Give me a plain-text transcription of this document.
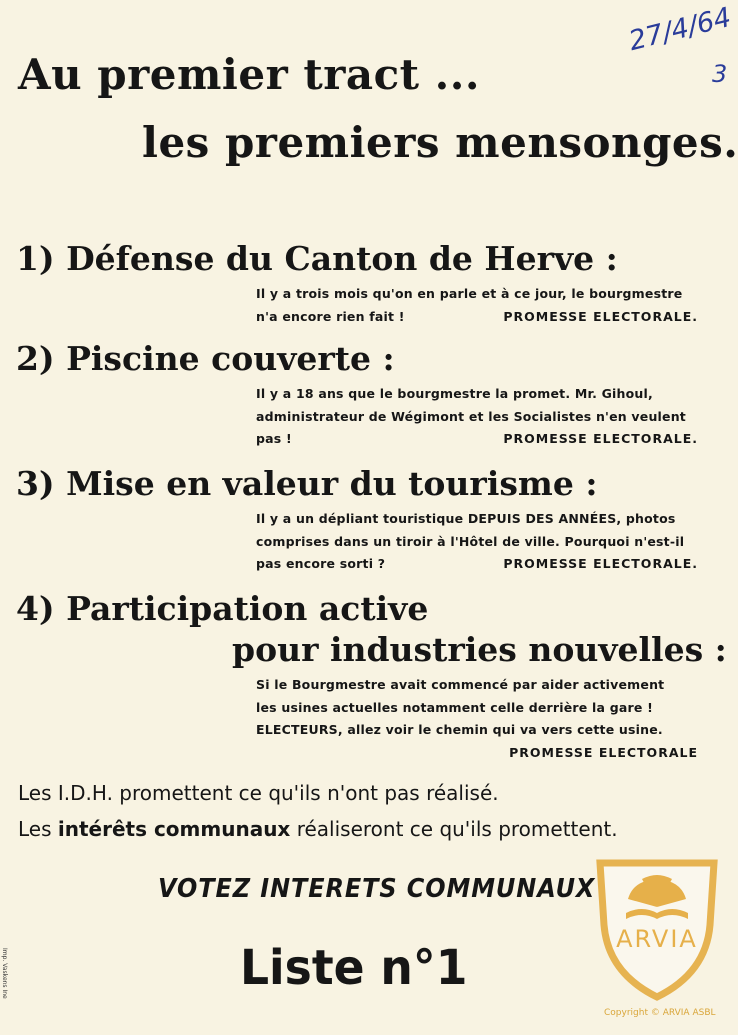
27/4/64
3
Au premier tract ...
les premiers mensonges.
1) Défense du Canton de Herve :
Il y a trois mois qu'on en parle et à ce jour, le bourgmestre
n'a encore rien fait !	PROMESSE ELECTORALE.
2) Piscine couverte :
Il y a 18 ans que le bourgmestre la promet. Mr. Gihoul,
administrateur de Wégimont et les Socialistes n'en veulent
pas !	PROMESSE ELECTORALE.
3) Mise en valeur du tourisme :
Il y a un dépliant touristique DEPUIS DES ANNÉES, photos
comprises dans un tiroir à l'Hôtel de ville. Pourquoi n'est-il
pas encore sorti ?	PROMESSE ELECTORALE.
4) Participation active
pour industries nouvelles :
Si le Bourgmestre avait commencé par aider activement
les usines actuelles notamment celle derrière la gare !
ELECTEURS, allez voir le chemin qui va vers cette usine.
PROMESSE ELECTORALE
Les I.D.H. promettent ce qu'ils n'ont pas réalisé.
Les intérêts communaux réaliseront ce qu'ils promettent.
VOTEZ INTERETS COMMUNAUX
Liste n°1
Imp. Vaskens Ine
ARVIA
Copyright © ARVIA ASBL
